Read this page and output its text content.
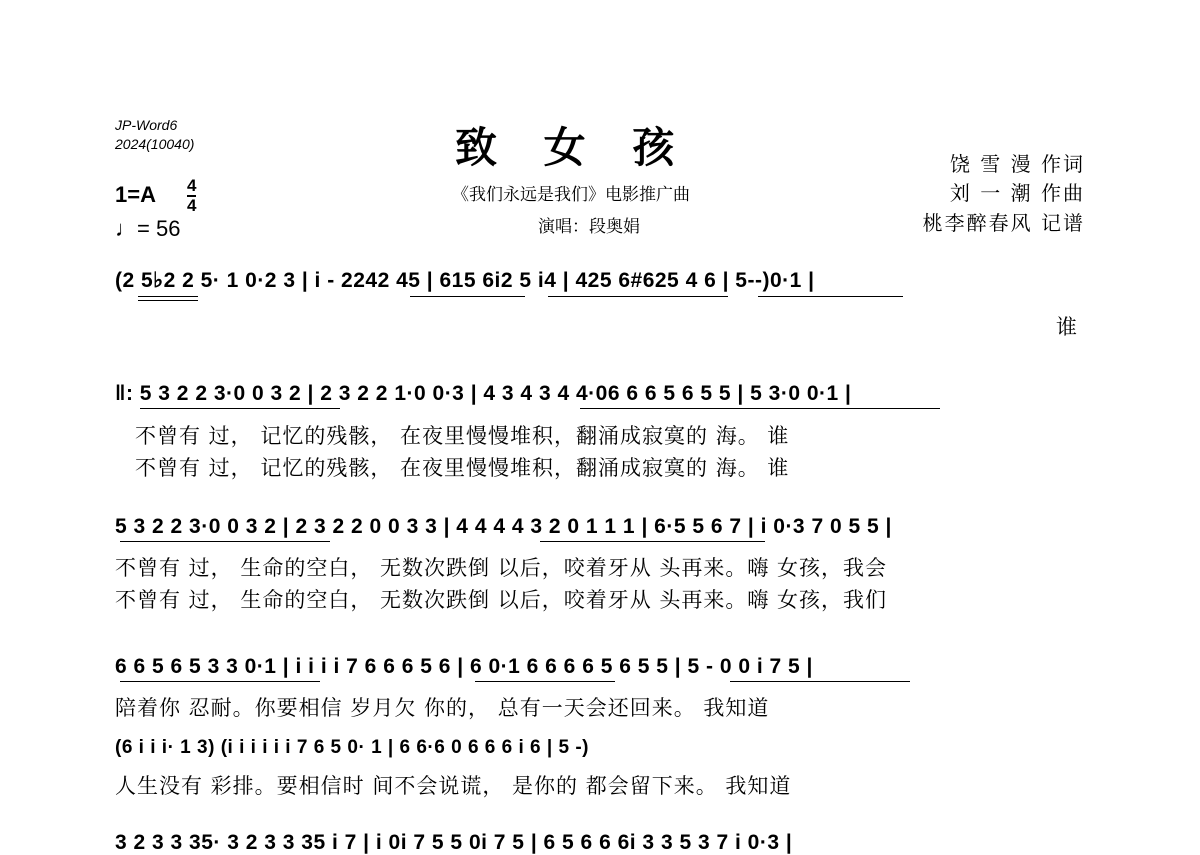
JP-Word6
2024(10040)	致 女 孩
《我们永远是我们》电影推广曲
演唱：段奥娟
饶 雪 漫 作词
刘 一 潮 作曲
桃李醉春风 记谱
1=A 4
4
♩= 56
(2 5♭2 2 5· 1 0·2 3 | i - 2242 45 | 615 6i2 5 i4 | 425 6#625 4 6 | 5--)0·1 |
谁
‖: 5 3 2 2 3·0 0 3 2 | 2 3 2 2 1·0 0·3 | 4 3 4 3 4 4·06 6 6 5 6 5 5 | 5 3·0 0·1 |
不曾有 过， 记忆的残骸， 在夜里慢慢堆积，翻涌成寂寞的 海。 谁
不曾有 过， 记忆的残骸， 在夜里慢慢堆积，翻涌成寂寞的 海。 谁
5 3 2 2 3·0 0 3 2 | 2 3 2 2 0 0 3 3 | 4 4 4 4 3 2 0 1 1 1 | 6·5 5 6 7 | i 0·3 7 0 5 5 |
不曾有 过， 生命的空白， 无数次跌倒 以后，咬着牙从 头再来。嗨 女孩，我会
不曾有 过， 生命的空白， 无数次跌倒 以后，咬着牙从 头再来。嗨 女孩，我们
6 6 5 6 5 3 3 0·1 | i i i i 7 6 6 6 5 6 | 6 0·1 6 6 6 6 5 6 5 5 | 5 - 0 0 i 7 5 |
陪着你 忍耐。你要相信 岁月欠 你的， 总有一天会还回来。 我知道
(6 i i i· 1 3) (i i i i i i 7 6 5 0· 1 | 6 6·6 0 6 6 6 i 6 | 5 -)
人生没有 彩排。要相信时 间不会说谎， 是你的 都会留下来。 我知道
3 2 3 3 35· 3 2 3 3 35 i 7 | i 0i 7 5 5 0i 7 5 | 6 5 6 6 6i 3 3 5 3 7 i 0·3 |
